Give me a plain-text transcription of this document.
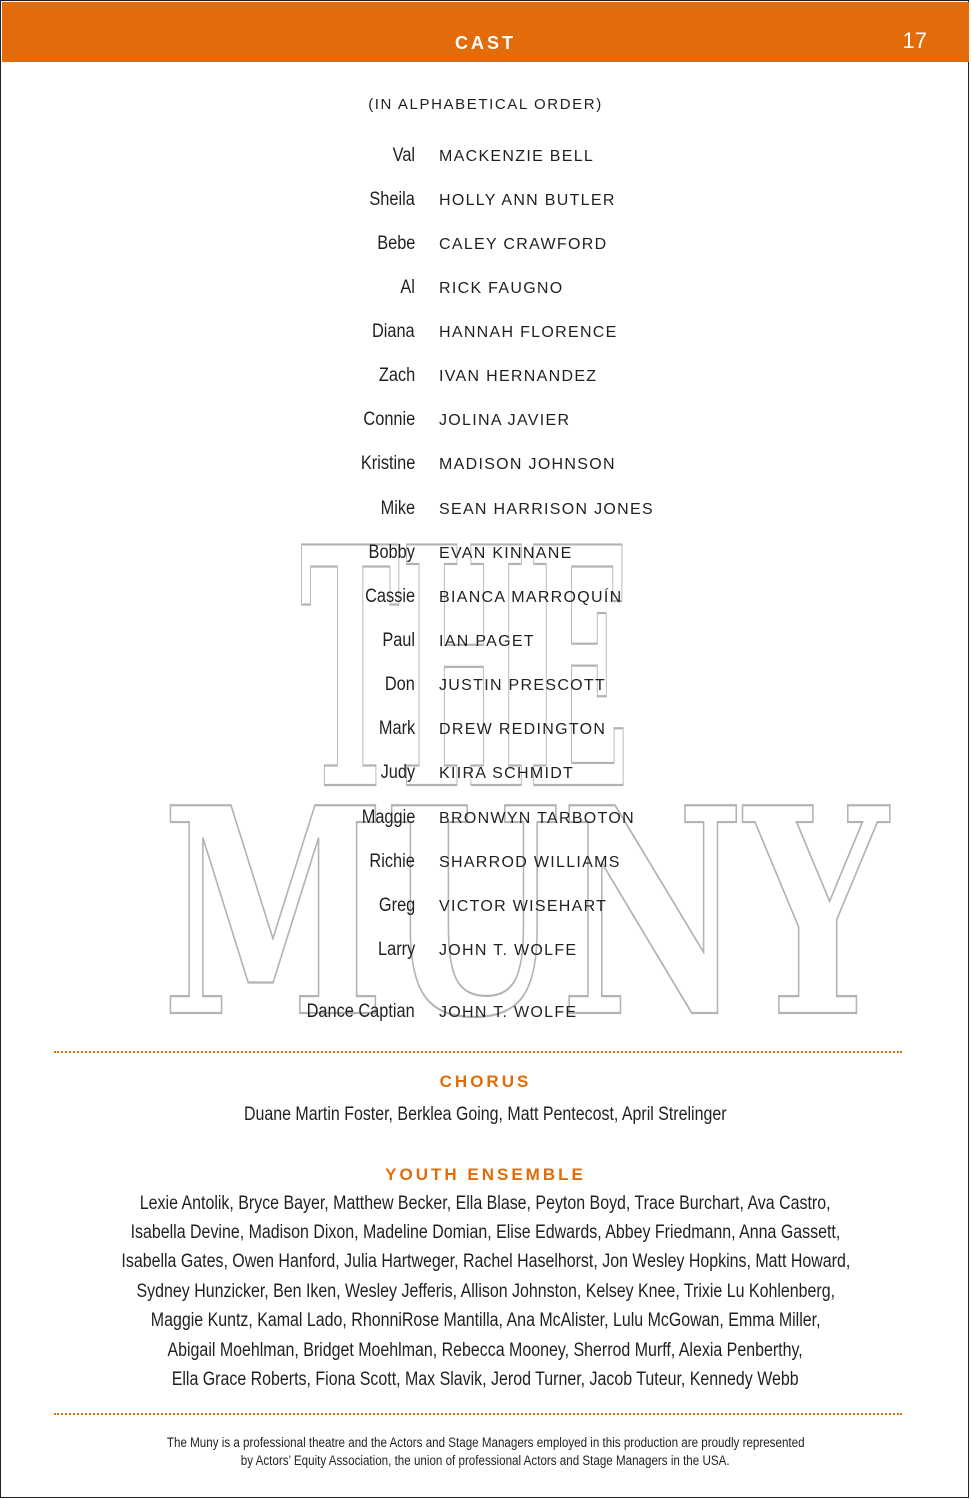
CAST	17
THE
MUNY
(IN ALPHABETICAL ORDER)
Val MACKENZIE BELL
Sheila HOLLY ANN BUTLER
Bebe CALEY CRAWFORD
Al RICK FAUGNO
Diana HANNAH FLORENCE
Zach IVAN HERNANDEZ
Connie JOLINA JAVIER
Kristine MADISON JOHNSON
Mike SEAN HARRISON JONES
Bobby EVAN KINNANE
Cassie BIANCA MARROQUÍN
Paul IAN PAGET
Don JUSTIN PRESCOTT
Mark DREW REDINGTON
Judy KIIRA SCHMIDT
Maggie BRONWYN TARBOTON
Richie SHARROD WILLIAMS
Greg VICTOR WISEHART
Larry JOHN T. WOLFE
Dance Captian JOHN T. WOLFE
CHORUS
Duane Martin Foster, Berklea Going, Matt Pentecost, April Strelinger
YOUTH ENSEMBLE
Lexie Antolik, Bryce Bayer, Matthew Becker, Ella Blase, Peyton Boyd, Trace Burchart, Ava Castro,
Isabella Devine, Madison Dixon, Madeline Domian, Elise Edwards, Abbey Friedmann, Anna Gassett,
Isabella Gates, Owen Hanford, Julia Hartweger, Rachel Haselhorst, Jon Wesley Hopkins, Matt Howard,
Sydney Hunzicker, Ben Iken, Wesley Jefferis, Allison Johnston, Kelsey Knee, Trixie Lu Kohlenberg,
Maggie Kuntz, Kamal Lado, RhonniRose Mantilla, Ana McAlister, Lulu McGowan, Emma Miller,
Abigail Moehlman, Bridget Moehlman, Rebecca Mooney, Sherrod Murff, Alexia Penberthy,
Ella Grace Roberts, Fiona Scott, Max Slavik, Jerod Turner, Jacob Tuteur, Kennedy Webb
The Muny is a professional theatre and the Actors and Stage Managers employed in this production are proudly represented
by Actors’ Equity Association, the union of professional Actors and Stage Managers in the USA.
